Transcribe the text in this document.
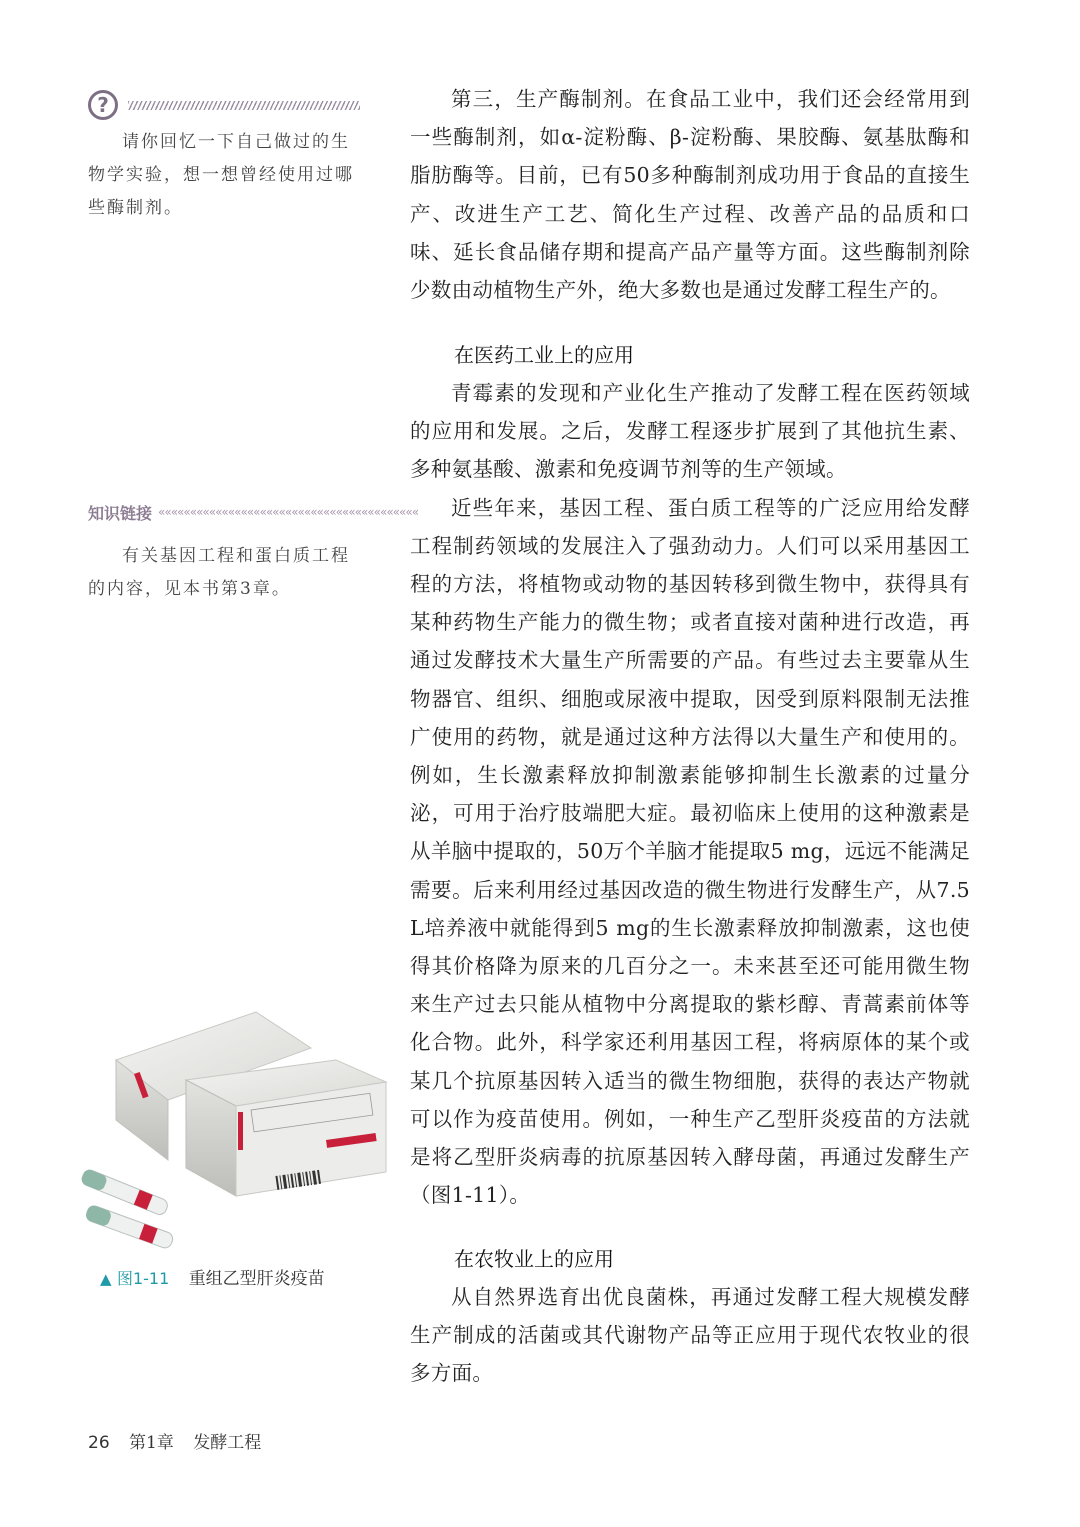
?

请你回忆一下自己做过的生物学实验，想一想曾经使用过哪些酶制剂。

知识链接 «««««««««««««««««««««««««««««««««««««««««

有关基因工程和蛋白质工程的内容，见本书第3章。

▲ 图1-11 重组乙型肝炎疫苗

第三，生产酶制剂。在食品工业中，我们还会经常用到一些酶制剂，如α-淀粉酶、β-淀粉酶、果胶酶、氨基肽酶和脂肪酶等。目前，已有50多种酶制剂成功用于食品的直接生产、改进生产工艺、简化生产过程、改善产品的品质和口味、延长食品储存期和提高产品产量等方面。这些酶制剂除少数由动植物生产外，绝大多数也是通过发酵工程生产的。

在医药工业上的应用

青霉素的发现和产业化生产推动了发酵工程在医药领域的应用和发展。之后，发酵工程逐步扩展到了其他抗生素、多种氨基酸、激素和免疫调节剂等的生产领域。

近些年来，基因工程、蛋白质工程等的广泛应用给发酵工程制药领域的发展注入了强劲动力。人们可以采用基因工程的方法，将植物或动物的基因转移到微生物中，获得具有某种药物生产能力的微生物；或者直接对菌种进行改造，再通过发酵技术大量生产所需要的产品。有些过去主要靠从生物器官、组织、细胞或尿液中提取，因受到原料限制无法推广使用的药物，就是通过这种方法得以大量生产和使用的。例如，生长激素释放抑制激素能够抑制生长激素的过量分泌，可用于治疗肢端肥大症。最初临床上使用的这种激素是从羊脑中提取的，50万个羊脑才能提取5 mg，远远不能满足需要。后来利用经过基因改造的微生物进行发酵生产，从7.5 L培养液中就能得到5 mg的生长激素释放抑制激素，这也使得其价格降为原来的几百分之一。未来甚至还可能用微生物来生产过去只能从植物中分离提取的紫杉醇、青蒿素前体等化合物。此外，科学家还利用基因工程，将病原体的某个或某几个抗原基因转入适当的微生物细胞，获得的表达产物就可以作为疫苗使用。例如，一种生产乙型肝炎疫苗的方法就是将乙型肝炎病毒的抗原基因转入酵母菌，再通过发酵生产（图1-11）。

在农牧业上的应用

从自然界选育出优良菌株，再通过发酵工程大规模发酵生产制成的活菌或其代谢物产品等正应用于现代农牧业的很多方面。

26 第1章 发酵工程
